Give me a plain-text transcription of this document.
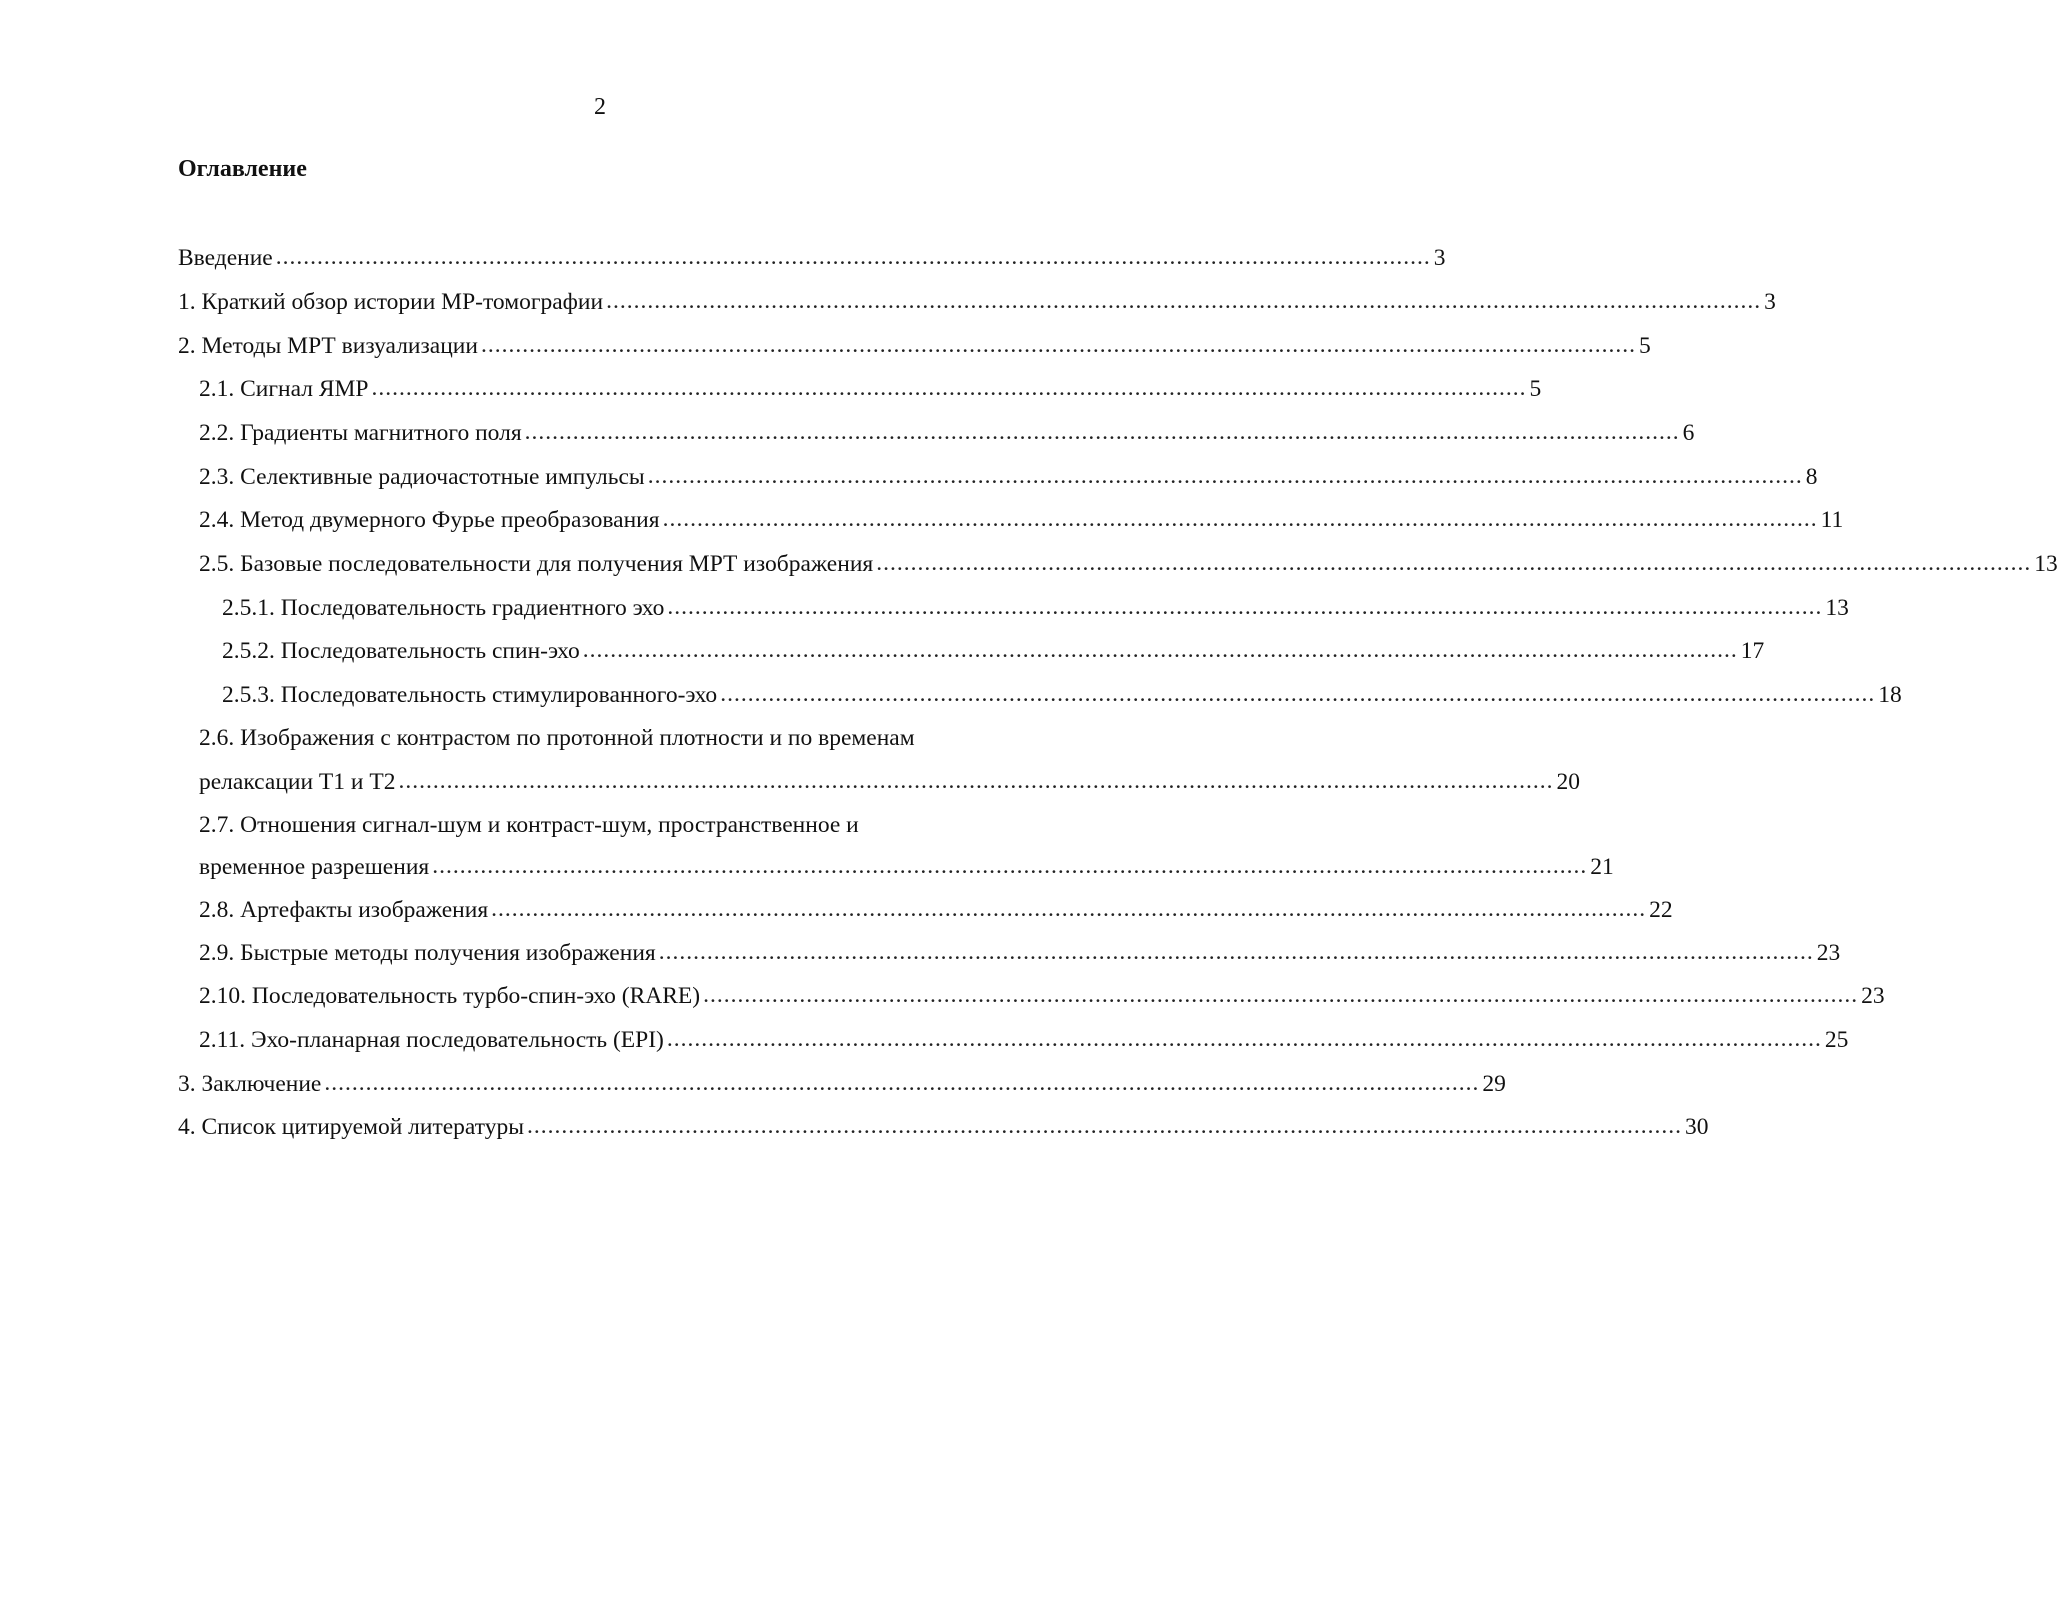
2
Оглавление
Введение ........................................................................................................................................................................ 3
1. Краткий обзор истории МР-томографии ........................................................................................................................................................................ 3
2. Методы МРТ визуализации ........................................................................................................................................................................ 5
2.1. Сигнал ЯМР ........................................................................................................................................................................ 5
2.2. Градиенты магнитного поля ........................................................................................................................................................................ 6
2.3. Селективные радиочастотные импульсы ........................................................................................................................................................................ 8
2.4. Метод двумерного Фурье преобразования ........................................................................................................................................................................ 11
2.5. Базовые последовательности для получения МРТ изображения ........................................................................................................................................................................ 13
2.5.1. Последовательность градиентного эхо ........................................................................................................................................................................ 13
2.5.2. Последовательность спин-эхо ........................................................................................................................................................................ 17
2.5.3. Последовательность стимулированного-эхо ........................................................................................................................................................................ 18
2.6. Изображения с контрастом по протонной плотности и по временам
релаксации T1 и T2 ........................................................................................................................................................................ 20
2.7. Отношения сигнал-шум и контраст-шум, пространственное и
временное разрешения ........................................................................................................................................................................ 21
2.8. Артефакты изображения ........................................................................................................................................................................ 22
2.9. Быстрые методы получения изображения ........................................................................................................................................................................ 23
2.10. Последовательность турбо-спин-эхо (RARE) ........................................................................................................................................................................ 23
2.11. Эхо-планарная последовательность (EPI) ........................................................................................................................................................................ 25
3. Заключение ........................................................................................................................................................................ 29
4. Список цитируемой литературы ........................................................................................................................................................................ 30
